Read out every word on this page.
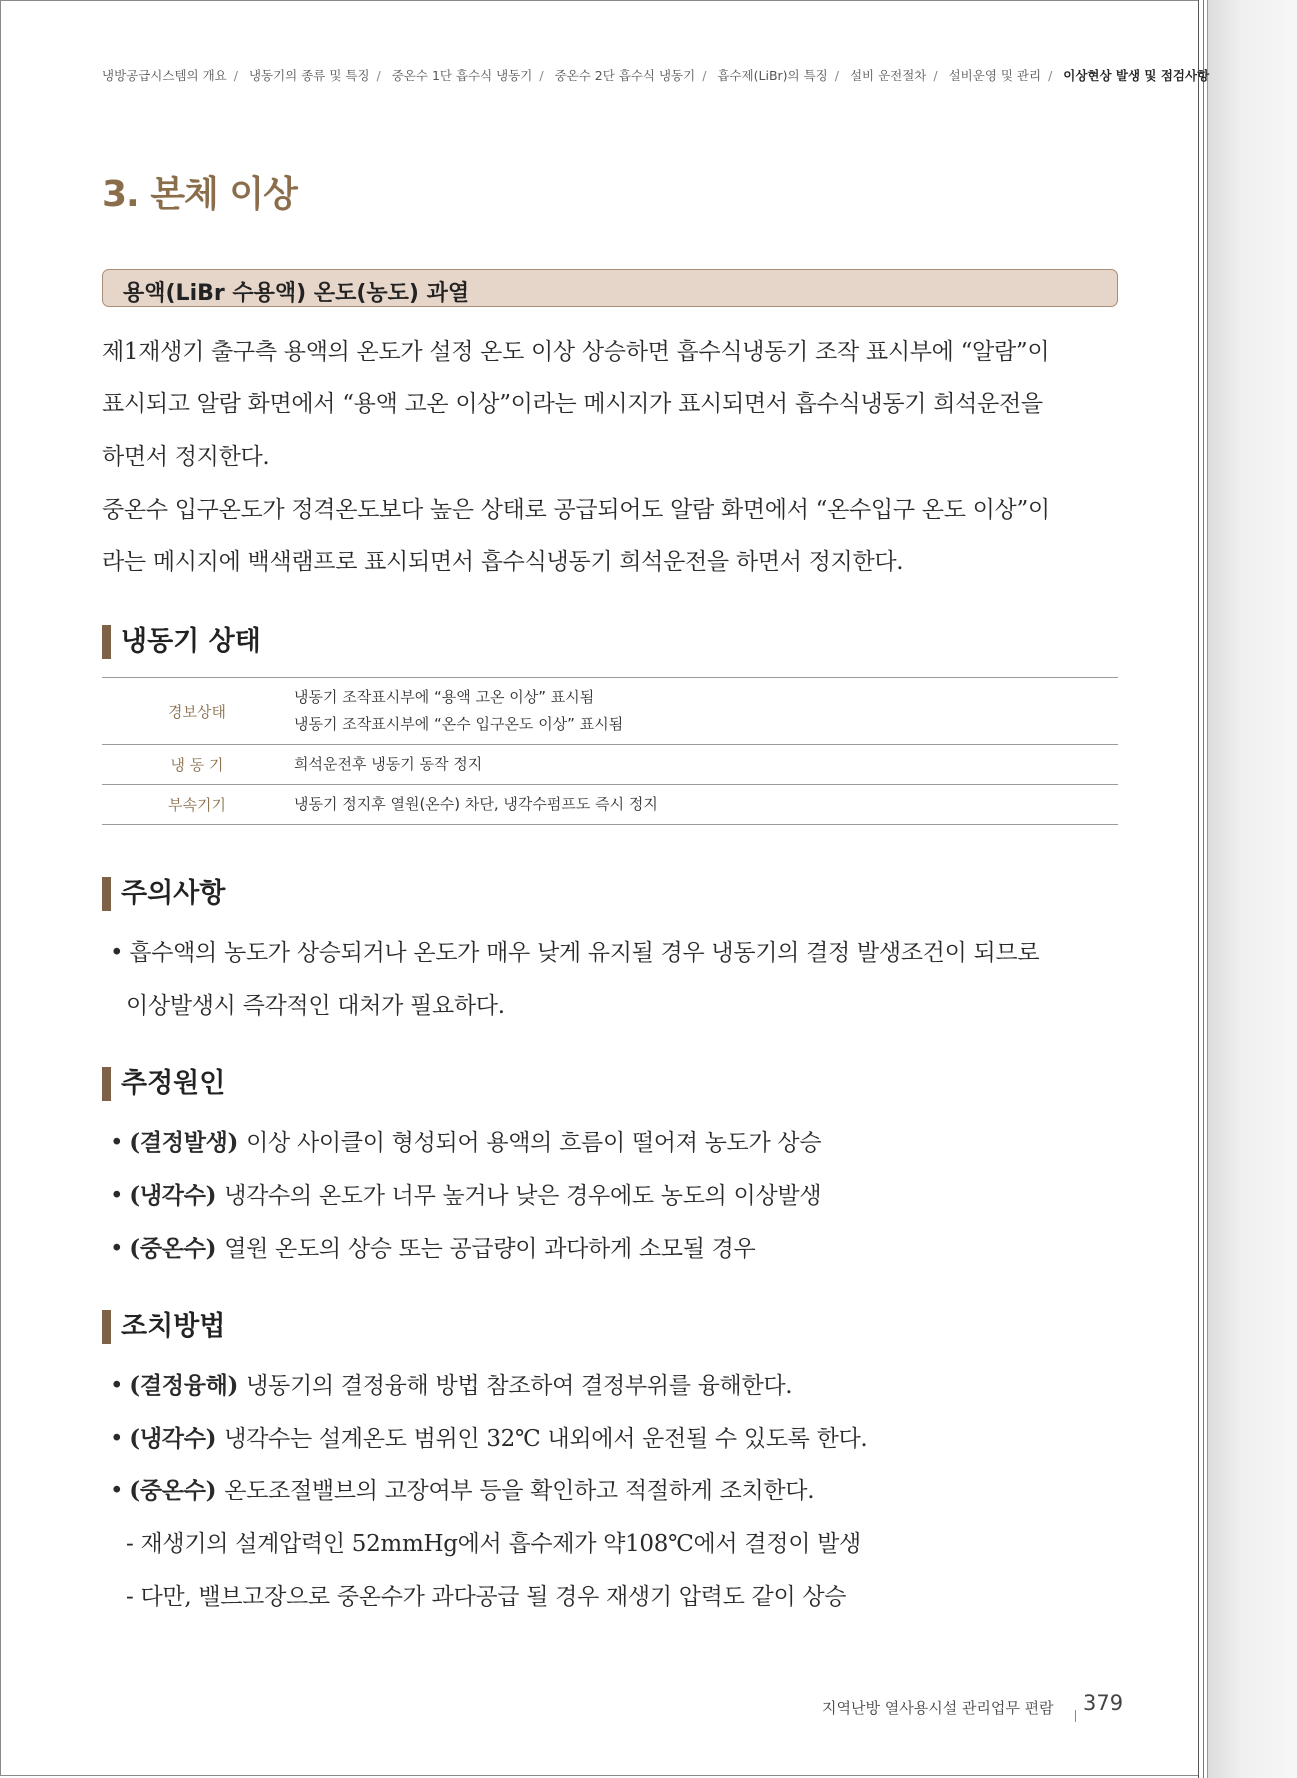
냉방공급시스템의 개요 / 냉동기의 종류 및 특징 / 중온수 1단 흡수식 냉동기 / 중온수 2단 흡수식 냉동기 / 흡수제(LiBr)의 특징 / 설비 운전절차 / 설비운영 및 관리 / 이상현상 발생 및 점검사항
3. 본체 이상
용액(LiBr 수용액) 온도(농도) 과열
제1재생기 출구측 용액의 온도가 설정 온도 이상 상승하면 흡수식냉동기 조작 표시부에 “알람”이
표시되고 알람 화면에서 “용액 고온 이상”이라는 메시지가 표시되면서 흡수식냉동기 희석운전을
하면서 정지한다.
중온수 입구온도가 정격온도보다 높은 상태로 공급되어도 알람 화면에서 “온수입구 온도 이상”이
라는 메시지에 백색램프로 표시되면서 흡수식냉동기 희석운전을 하면서 정지한다.
냉동기 상태
경보상태	냉동기 조작표시부에 “용액 고온 이상” 표시됨
냉동기 조작표시부에 “온수 입구온도 이상” 표시됨

냉 동 기	희석운전후 냉동기 동작 정지

부속기기	냉동기 정지후 열원(온수) 차단, 냉각수펌프도 즉시 정지
주의사항
• 흡수액의 농도가 상승되거나 온도가 매우 낮게 유지될 경우 냉동기의 결정 발생조건이 되므로
이상발생시 즉각적인 대처가 필요하다.
추정원인
• (결정발생) 이상 사이클이 형성되어 용액의 흐름이 떨어져 농도가 상승
• (냉각수) 냉각수의 온도가 너무 높거나 낮은 경우에도 농도의 이상발생
• (중온수) 열원 온도의 상승 또는 공급량이 과다하게 소모될 경우
조치방법
• (결정융해) 냉동기의 결정융해 방법 참조하여 결정부위를 융해한다.
• (냉각수) 냉각수는 설계온도 범위인 32℃ 내외에서 운전될 수 있도록 한다.
• (중온수) 온도조절밸브의 고장여부 등을 확인하고 적절하게 조치한다.
- 재생기의 설계압력인 52mmHg에서 흡수제가 약108℃에서 결정이 발생
- 다만, 밸브고장으로 중온수가 과다공급 될 경우 재생기 압력도 같이 상승
지역난방 열사용시설 관리업무 편람 379
